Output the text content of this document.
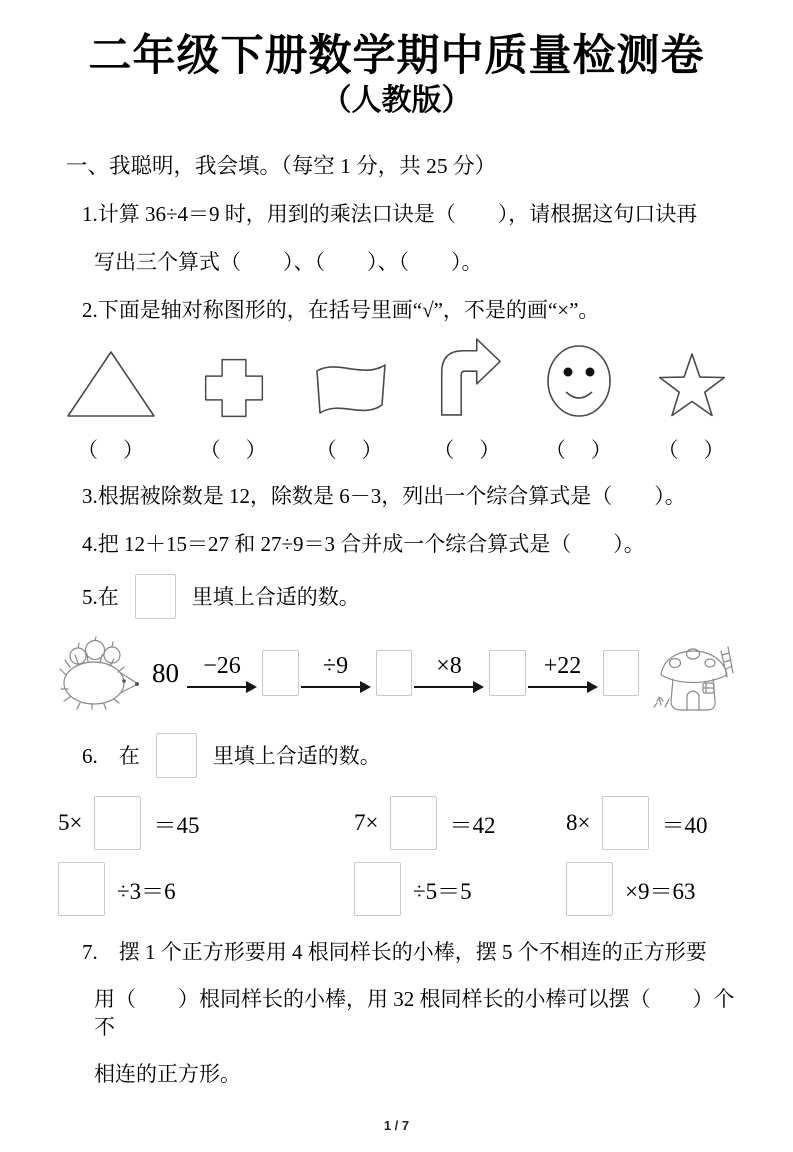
二年级下册数学期中质量检测卷
（人教版）
一、我聪明，我会填。（每空 1 分，共 25 分）

1.计算 36÷4＝9 时，用到的乘法口诀是（　　），请根据这句口诀再

写出三个算式（　　）、（　　）、（　　）。

2.下面是轴对称图形的，在括号里画“√”，不是的画“×”。

（　）	（　） （　） （　） （　） （　）

3.根据被除数是 12，除数是 6－3，列出一个综合算式是（　　）。

4.把 12＋15＝27 和 27÷9＝3 合并成一个综合算式是（　　）。

5.在	里填上合适的数。
80 −26	÷9	×8	+22
6.　在	里填上合适的数。
5×	＝45	7×	＝42	8×	＝40
÷3＝6	÷5＝5	×9＝63

7.　摆 1 个正方形要用 4 根同样长的小棒，摆 5 个不相连的正方形要

用（　　）根同样长的小棒，用 32 根同样长的小棒可以摆（　　）个不

相连的正方形。

1 / 7
